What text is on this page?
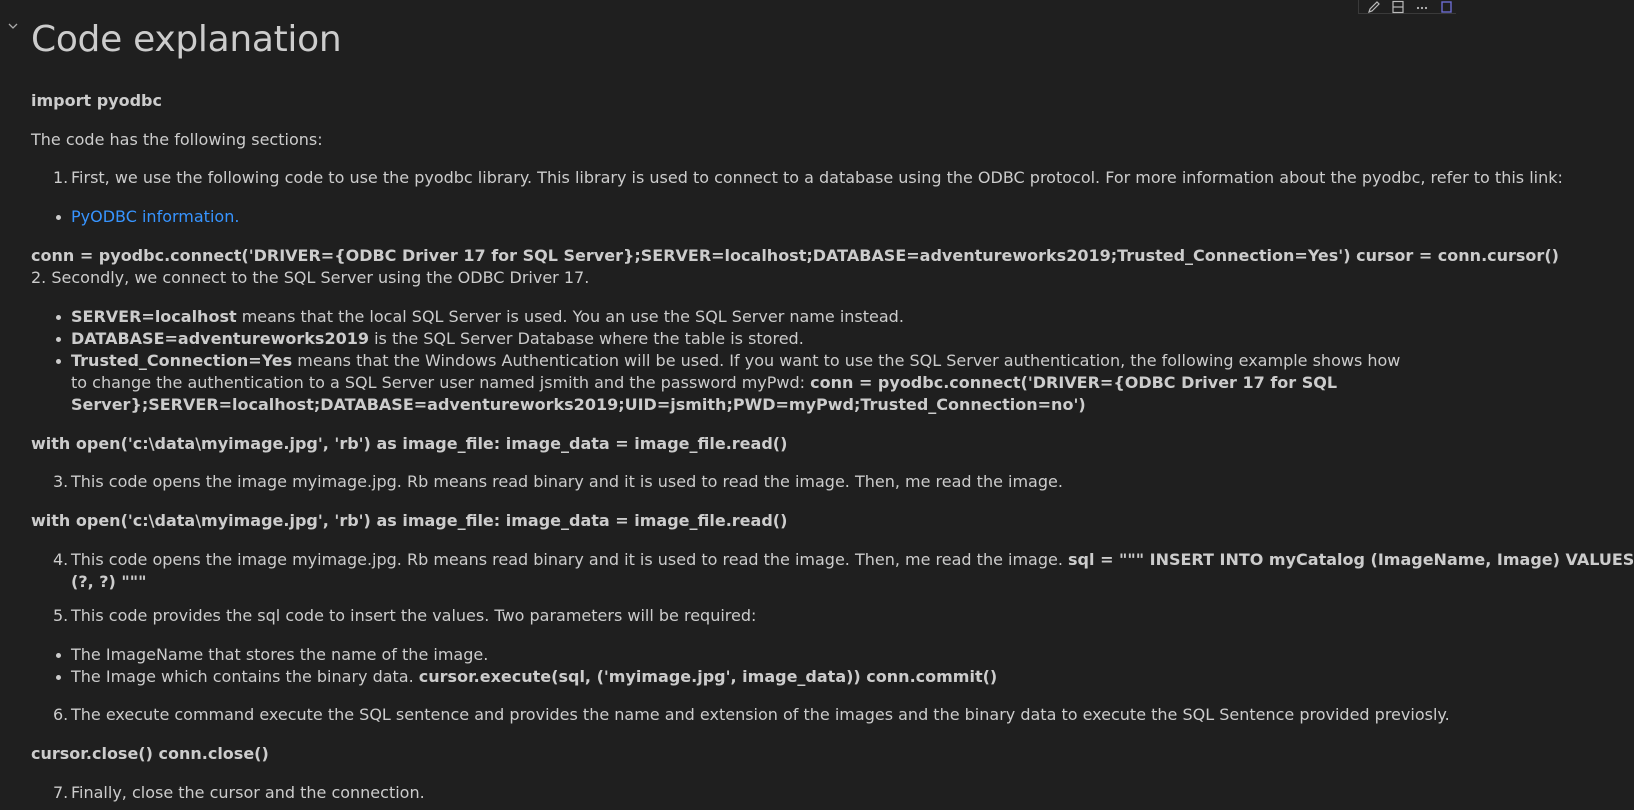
Code explanation
import pyodbc
The code has the following sections:
1. First, we use the following code to use the pyodbc library. This library is used to connect to a database using the ODBC protocol. For more information about the pyodbc, refer to this link:
PyODBC information.
conn = pyodbc.connect('DRIVER={ODBC Driver 17 for SQL Server};SERVER=localhost;DATABASE=adventureworks2019;Trusted_Connection=Yes') cursor = conn.cursor()
2. Secondly, we connect to the SQL Server using the ODBC Driver 17.
SERVER=localhost means that the local SQL Server is used. You an use the SQL Server name instead.
DATABASE=adventureworks2019 is the SQL Server Database where the table is stored.
Trusted_Connection=Yes means that the Windows Authentication will be used. If you want to use the SQL Server authentication, the following example shows how to change the authentication to a SQL Server user named jsmith and the password myPwd: conn = pyodbc.connect('DRIVER={ODBC Driver 17 for SQL Server};SERVER=localhost;DATABASE=adventureworks2019;UID=jsmith;PWD=myPwd;Trusted_Connection=no')
with open('c:\data\myimage.jpg', 'rb') as image_file: image_data = image_file.read()
3. This code opens the image myimage.jpg. Rb means read binary and it is used to read the image. Then, me read the image.
with open('c:\data\myimage.jpg', 'rb') as image_file: image_data = image_file.read()
4. This code opens the image myimage.jpg. Rb means read binary and it is used to read the image. Then, me read the image. sql = """ INSERT INTO myCatalog (ImageName, Image) VALUES
(?, ?) """
5. This code provides the sql code to insert the values. Two parameters will be required:
The ImageName that stores the name of the image.
The Image which contains the binary data. cursor.execute(sql, ('myimage.jpg', image_data)) conn.commit()
6. The execute command execute the SQL sentence and provides the name and extension of the images and the binary data to execute the SQL Sentence provided previosly.
cursor.close() conn.close()
7. Finally, close the cursor and the connection.
